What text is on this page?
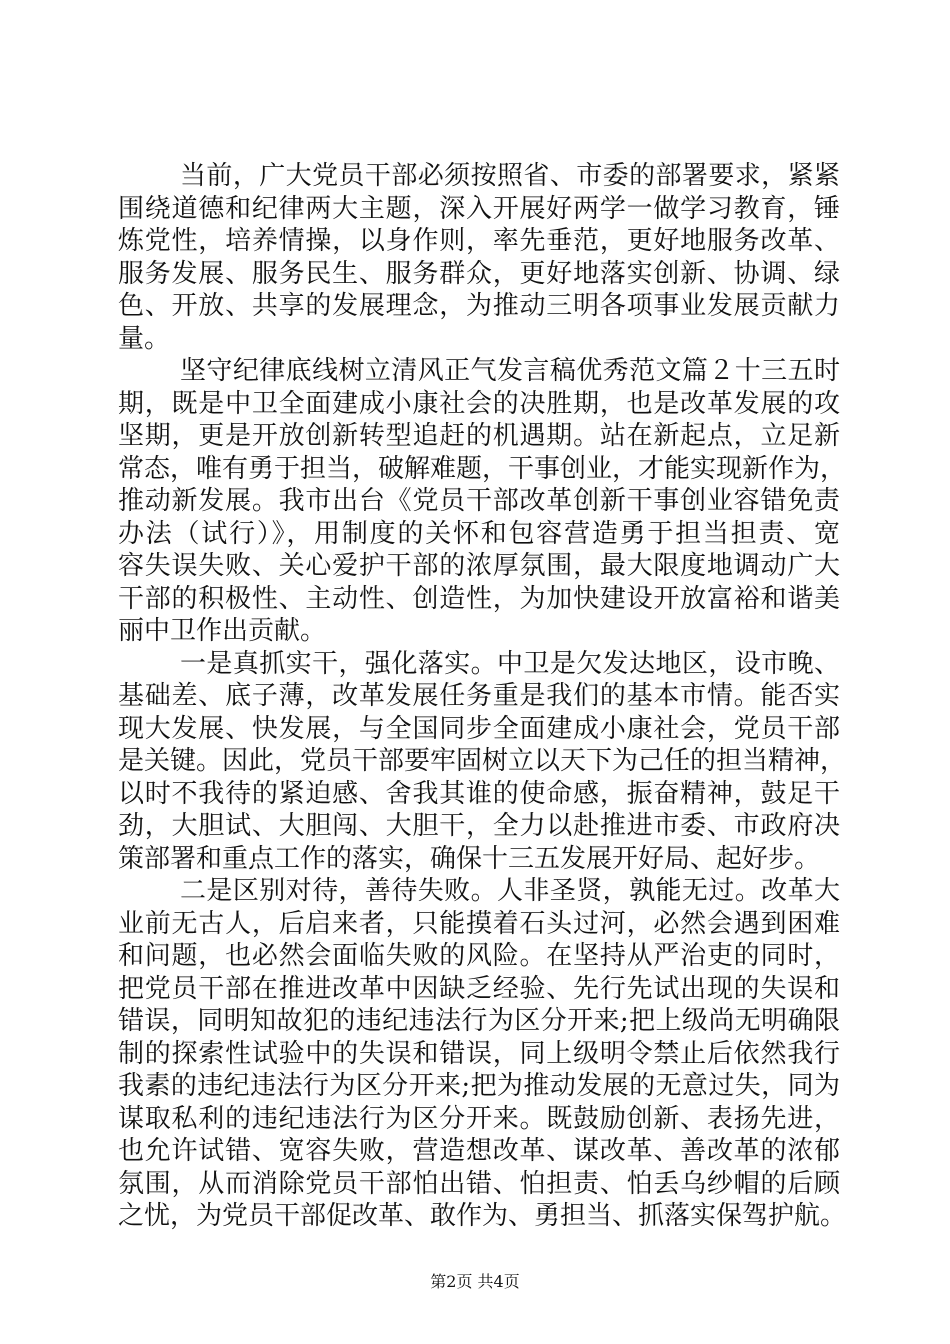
当前，广大党员干部必须按照省、市委的部署要求，紧紧
围绕道德和纪律两大主题，深入开展好两学一做学习教育，锤
炼党性，培养情操，以身作则，率先垂范，更好地服务改革、
服务发展、服务民生、服务群众，更好地落实创新、协调、绿
色、开放、共享的发展理念，为推动三明各项事业发展贡献力
量。
坚守纪律底线树立清风正气发言稿优秀范文篇２十三五时
期，既是中卫全面建成小康社会的决胜期，也是改革发展的攻
坚期，更是开放创新转型追赶的机遇期。站在新起点，立足新
常态，唯有勇于担当，破解难题，干事创业，才能实现新作为，
推动新发展。我市出台《党员干部改革创新干事创业容错免责
办法（试行）》，用制度的关怀和包容营造勇于担当担责、宽
容失误失败、关心爱护干部的浓厚氛围，最大限度地调动广大
干部的积极性、主动性、创造性，为加快建设开放富裕和谐美
丽中卫作出贡献。
一是真抓实干，强化落实。中卫是欠发达地区，设市晚、
基础差、底子薄，改革发展任务重是我们的基本市情。能否实
现大发展、快发展，与全国同步全面建成小康社会，党员干部
是关键。因此，党员干部要牢固树立以天下为己任的担当精神，
以时不我待的紧迫感、舍我其谁的使命感，振奋精神，鼓足干
劲，大胆试、大胆闯、大胆干，全力以赴推进市委、市政府决
策部署和重点工作的落实，确保十三五发展开好局、起好步。
二是区别对待，善待失败。人非圣贤，孰能无过。改革大
业前无古人，后启来者，只能摸着石头过河，必然会遇到困难
和问题，也必然会面临失败的风险。在坚持从严治吏的同时，
把党员干部在推进改革中因缺乏经验、先行先试出现的失误和
错误，同明知故犯的违纪违法行为区分开来;把上级尚无明确限
制的探索性试验中的失误和错误，同上级明令禁止后依然我行
我素的违纪违法行为区分开来;把为推动发展的无意过失，同为
谋取私利的违纪违法行为区分开来。既鼓励创新、表扬先进，
也允许试错、宽容失败，营造想改革、谋改革、善改革的浓郁
氛围，从而消除党员干部怕出错、怕担责、怕丢乌纱帽的后顾
之忧，为党员干部促改革、敢作为、勇担当、抓落实保驾护航。
第2页 共4页
